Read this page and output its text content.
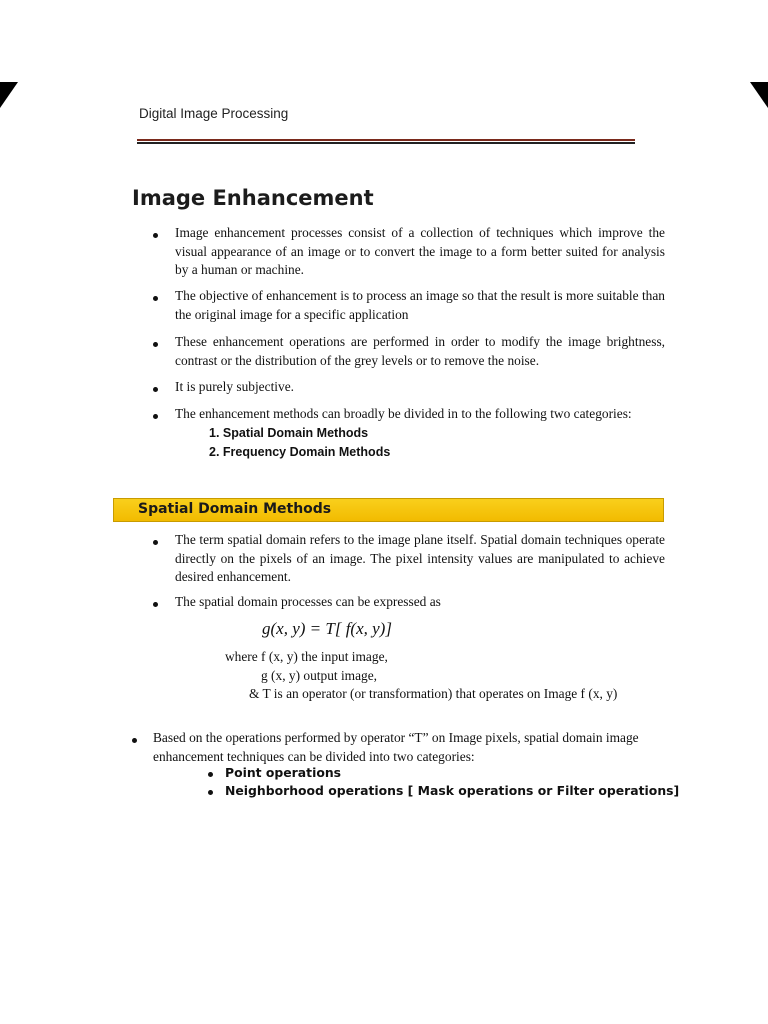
Digital Image Processing
Image Enhancement
Image enhancement processes consist of a collection of techniques which improve the visual appearance of an image or to convert the image to a form better suited for analysis by a human or machine.
The objective of enhancement is to process an image so that the result is more suitable than the original image for a specific application
These enhancement operations are performed in order to modify the image brightness, contrast or the distribution of the grey levels or to remove the noise.
It is purely subjective.
The enhancement methods can broadly be divided in to the following two categories:
1. Spatial Domain Methods
2. Frequency Domain Methods
Spatial Domain Methods
The term spatial domain refers to the image plane itself. Spatial domain techniques operate directly on the pixels of an image. The pixel intensity values are manipulated to achieve desired enhancement.
The spatial domain processes can be expressed as
g(x, y) = T[ f(x, y)]
where f (x, y) the input image,
g (x, y) output image,
& T is an operator (or transformation) that operates on Image f (x, y)
Based on the operations performed by operator “T” on Image pixels, spatial domain image enhancement techniques can be divided into two categories:
Point operations
Neighborhood operations [ Mask operations or Filter operations]
